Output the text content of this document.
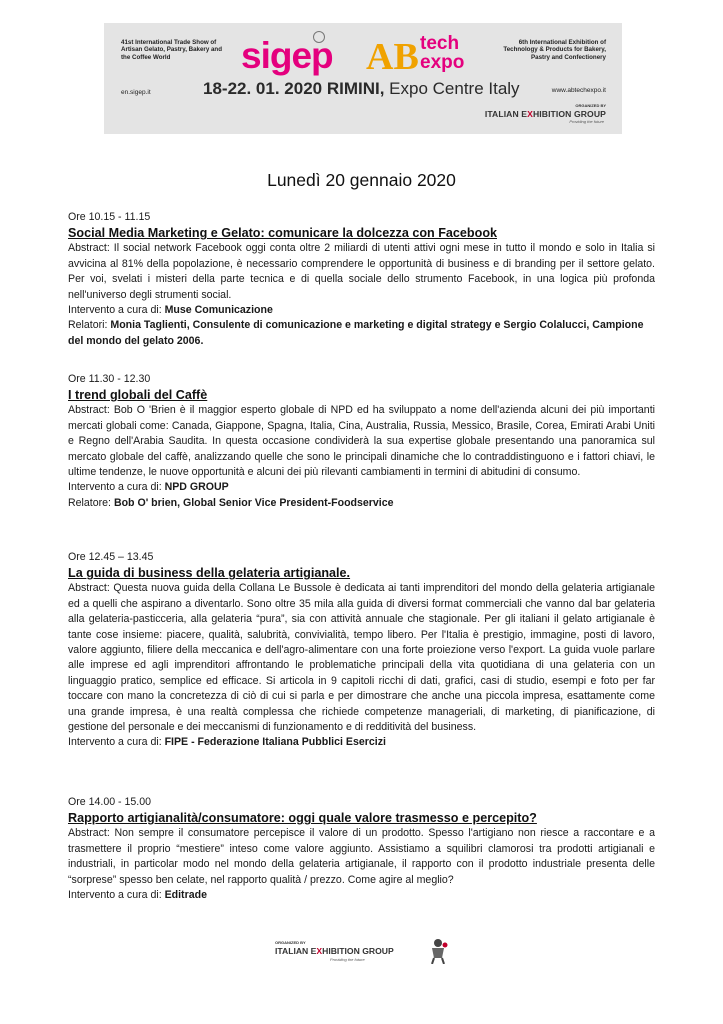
41st International Trade Show of Artisan Gelato, Pastry, Bakery and the Coffee World
en.sigep.it
sigep AB tech
expo
18-22. 01. 2020 RIMINI, Expo Centre Italy
6th International Exhibition of Technology & Products for Bakery, Pastry and Confectionery
www.abtechexpo.it
ORGANIZED BY
ITALIAN EXHIBITION GROUP
Providing the future
Lunedì 20 gennaio 2020
Ore 10.15 - 11.15
Social Media Marketing e Gelato: comunicare la dolcezza con Facebook
Abstract: Il social network Facebook oggi conta oltre 2 miliardi di utenti attivi ogni mese in tutto il mondo e solo in Italia si avvicina al 81% della popolazione, è necessario comprendere le opportunità di business e di branding per il settore gelato. Per voi, svelati i misteri della parte tecnica e di quella sociale dello strumento Facebook, in una logica più profonda nell'universo degli strumenti social.
Intervento a cura di: Muse Comunicazione
Relatori: Monia Taglienti, Consulente di comunicazione e marketing e digital strategy e Sergio Colalucci, Campione del mondo del gelato 2006.
Ore 11.30 - 12.30
I trend globali del Caffè
Abstract: Bob O 'Brien è il maggior esperto globale di NPD ed ha sviluppato a nome dell'azienda alcuni dei più importanti mercati globali come: Canada, Giappone, Spagna, Italia, Cina, Australia, Russia, Messico, Brasile, Corea, Emirati Arabi Uniti e Regno dell'Arabia Saudita. In questa occasione condividerà la sua expertise globale presentando una panoramica sul mercato globale del caffè, analizzando quelle che sono le principali dinamiche che lo contraddistinguono e i fattori chiavi, le ultime tendenze, le nuove opportunità e alcuni dei più rilevanti cambiamenti in termini di abitudini di consumo.
Intervento a cura di: NPD GROUP
Relatore: Bob O' brien, Global Senior Vice President-Foodservice
Ore 12.45 – 13.45
La guida di business della gelateria artigianale.
Abstract: Questa nuova guida della Collana Le Bussole è dedicata ai tanti imprenditori del mondo della gelateria artigianale ed a quelli che aspirano a diventarlo. Sono oltre 35 mila alla guida di diversi format commerciali che vanno dal bar gelateria alla gelateria-pasticceria, alla gelateria “pura”, sia con attività annuale che stagionale. Per gli italiani il gelato artigianale è tante cose insieme: piacere, qualità, salubrità, convivialità, tempo libero. Per l'Italia è prestigio, immagine, posti di lavoro, valore aggiunto, filiere della meccanica e dell'agro-alimentare con una forte proiezione verso l'export. La guida vuole parlare alle imprese ed agli imprenditori affrontando le problematiche principali della vita quotidiana di una gelateria con un linguaggio pratico, semplice ed efficace. Si articola in 9 capitoli ricchi di dati, grafici, casi di studio, esempi e foto per far toccare con mano la concretezza di ciò di cui si parla e per dimostrare che anche una piccola impresa, esattamente come una grande impresa, è una realtà complessa che richiede competenze manageriali, di marketing, di pianificazione, di gestione del personale e dei meccanismi di funzionamento e di redditività del business.
Intervento a cura di: FIPE - Federazione Italiana Pubblici Esercizi
Ore 14.00 - 15.00
Rapporto artigianalità/consumatore: oggi quale valore trasmesso e percepito?
Abstract: Non sempre il consumatore percepisce il valore di un prodotto. Spesso l'artigiano non riesce a raccontare e a trasmettere il proprio “mestiere” inteso come valore aggiunto. Assistiamo a squilibri clamorosi tra prodotti artigianali e industriali, in particolar modo nel mondo della gelateria artigianale, il rapporto con il prodotto industriale presenta delle “sorprese” spesso ben celate, nel rapporto qualità / prezzo. Come agire al meglio?
Intervento a cura di: Editrade
ORGANIZED BY
ITALIAN EXHIBITION GROUP
Providing the future
